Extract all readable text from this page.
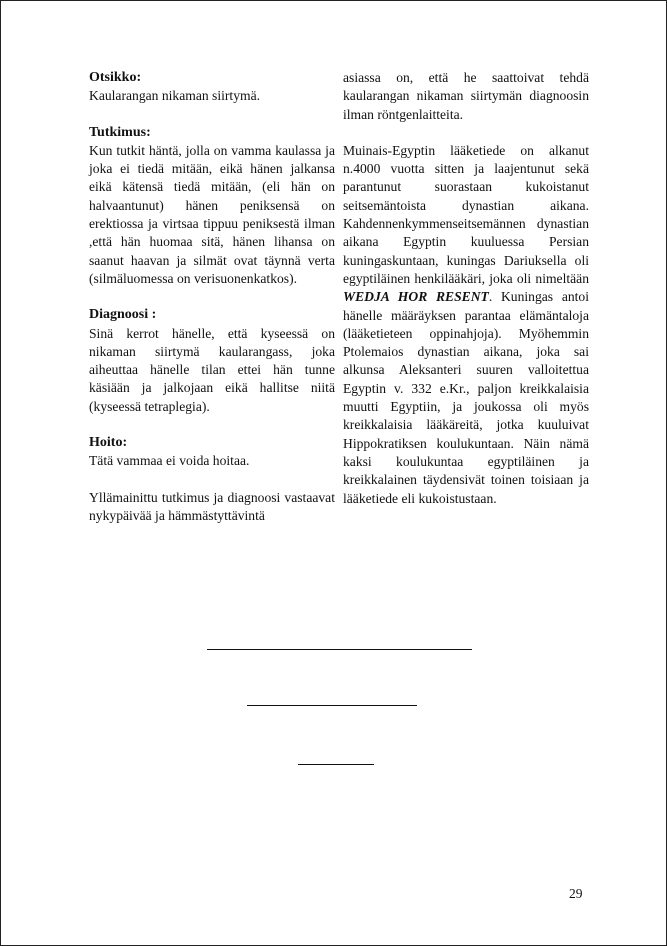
Otsikko:

Kaularangan nikaman siirtymä.

Tutkimus:

Kun tutkit häntä, jolla on vamma kaulassa ja joka ei tiedä mitään, eikä hänen jalkansa eikä kätensä tiedä mitään, (eli hän on halvaantunut) hänen peniksensä on erektiossa ja virtsaa tippuu peniksestä ilman ,että hän huomaa sitä, hänen lihansa on saanut haavan ja silmät ovat täynnä verta (silmäluomessa on verisuonenkatkos).

Diagnoosi :

Sinä kerrot hänelle, että kyseessä on nikaman siirtymä kaularangass, joka aiheuttaa hänelle tilan ettei hän tunne käsiään ja jalkojaan eikä hallitse niitä (kyseessä tetraplegia).

Hoito:

Tätä vammaa ei voida hoitaa.

Yllämainittu tutkimus ja diagnoosi vastaavat nykypäivää ja hämmästyttävintä

asiassa on, että he saattoivat tehdä kaularangan nikaman siirtymän diagnoosin ilman röntgenlaitteita.

Muinais-Egyptin lääketiede on alkanut n.4000 vuotta sitten ja laajentunut sekä parantunut suorastaan kukoistanut seitsemäntoista dynastian aikana. Kahdennenkymmenseitsemännen dynastian aikana Egyptin kuuluessa Persian kuningaskuntaan, kuningas Dariuksella oli egyptiläinen henkilääkäri, joka oli nimeltään WEDJA HOR RESENT. Kuningas antoi hänelle määräyksen parantaa elämäntaloja (lääketieteen oppinahjoja). Myöhemmin Ptolemaios dynastian aikana, joka sai alkunsa Aleksanteri suuren valloitettua Egyptin v. 332 e.Kr., paljon kreikkalaisia muutti Egyptiin, ja joukossa oli myös kreikkalaisia lääkäreitä, jotka kuuluivat Hippokratiksen koulukuntaan. Näin nämä kaksi koulukuntaa egyptiläinen ja kreikkalainen täydensivät toinen toisiaan ja lääketiede eli kukoistustaan.

29
